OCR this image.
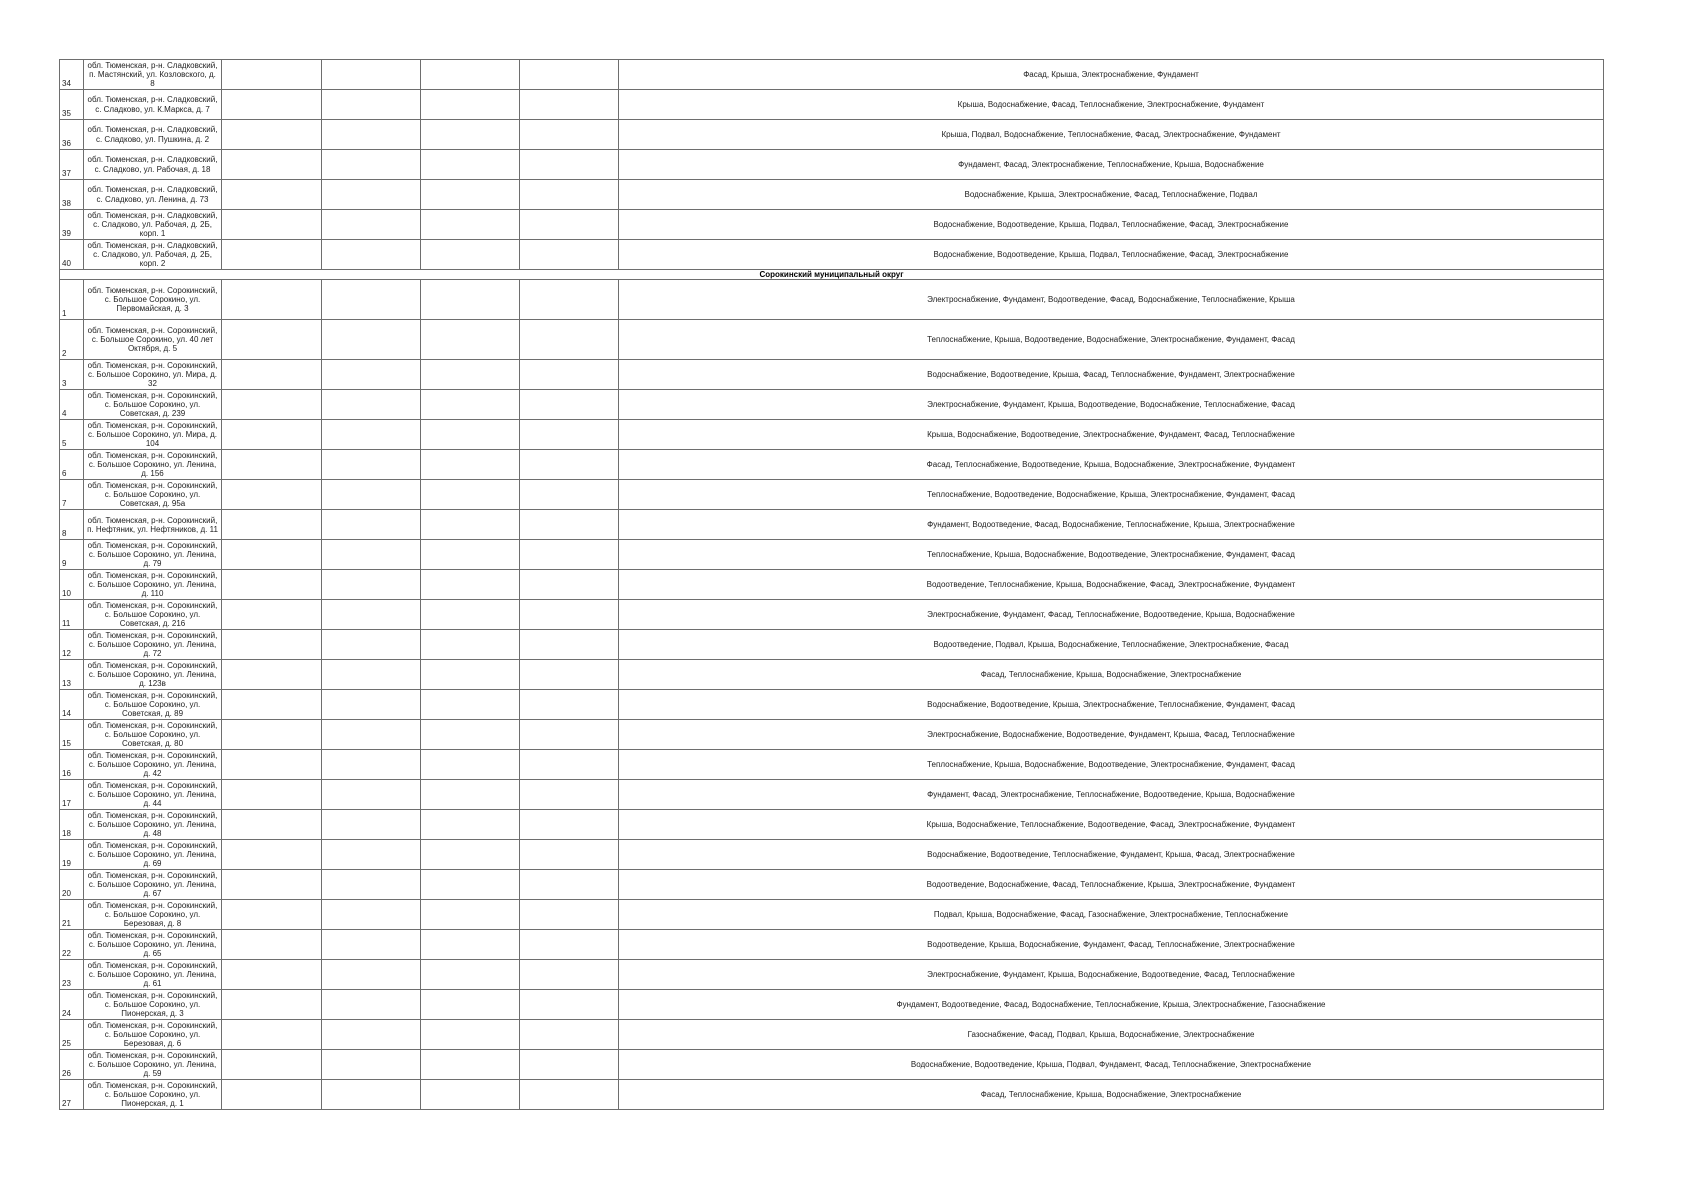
34	обл. Тюменская, р-н. Сладковский, п. Мастянский, ул. Козловского, д. 8					Фасад, Крыша, Электроснабжение, Фундамент
35	обл. Тюменская, р-н. Сладковский, с. Сладково, ул. К.Маркса, д. 7					Крыша, Водоснабжение, Фасад, Теплоснабжение, Электроснабжение, Фундамент
36	обл. Тюменская, р-н. Сладковский, с. Сладково, ул. Пушкина, д. 2					Крыша, Подвал, Водоснабжение, Теплоснабжение, Фасад, Электроснабжение, Фундамент
37	обл. Тюменская, р-н. Сладковский, с. Сладково, ул. Рабочая, д. 18					Фундамент, Фасад, Электроснабжение, Теплоснабжение, Крыша, Водоснабжение
38	обл. Тюменская, р-н. Сладковский, с. Сладково, ул. Ленина, д. 73					Водоснабжение, Крыша, Электроснабжение, Фасад, Теплоснабжение, Подвал
39	обл. Тюменская, р-н. Сладковский, с. Сладково, ул. Рабочая, д. 2Б, корп. 1					Водоснабжение, Водоотведение, Крыша, Подвал, Теплоснабжение, Фасад, Электроснабжение
40	обл. Тюменская, р-н. Сладковский, с. Сладково, ул. Рабочая, д. 2Б, корп. 2					Водоснабжение, Водоотведение, Крыша, Подвал, Теплоснабжение, Фасад, Электроснабжение
Сорокинский муниципальный округ						
1	обл. Тюменская, р-н. Сорокинский, с. Большое Сорокино, ул. Первомайская, д. 3					Электроснабжение, Фундамент, Водоотведение, Фасад, Водоснабжение, Теплоснабжение, Крыша
2	обл. Тюменская, р-н. Сорокинский, с. Большое Сорокино, ул. 40 лет Октября, д. 5					Теплоснабжение, Крыша, Водоотведение, Водоснабжение, Электроснабжение, Фундамент, Фасад
3	обл. Тюменская, р-н. Сорокинский, с. Большое Сорокино, ул. Мира, д. 32					Водоснабжение, Водоотведение, Крыша, Фасад, Теплоснабжение, Фундамент, Электроснабжение
4	обл. Тюменская, р-н. Сорокинский, с. Большое Сорокино, ул. Советская, д. 239					Электроснабжение, Фундамент, Крыша, Водоотведение, Водоснабжение, Теплоснабжение, Фасад
5	обл. Тюменская, р-н. Сорокинский, с. Большое Сорокино, ул. Мира, д. 104					Крыша, Водоснабжение, Водоотведение, Электроснабжение, Фундамент, Фасад, Теплоснабжение
6	обл. Тюменская, р-н. Сорокинский, с. Большое Сорокино, ул. Ленина, д. 156					Фасад, Теплоснабжение, Водоотведение, Крыша, Водоснабжение, Электроснабжение, Фундамент
7	обл. Тюменская, р-н. Сорокинский, с. Большое Сорокино, ул. Советская, д. 95а					Теплоснабжение, Водоотведение, Водоснабжение, Крыша, Электроснабжение, Фундамент, Фасад
8	обл. Тюменская, р-н. Сорокинский, п. Нефтяник, ул. Нефтяников, д. 11					Фундамент, Водоотведение, Фасад, Водоснабжение, Теплоснабжение, Крыша, Электроснабжение
9	обл. Тюменская, р-н. Сорокинский, с. Большое Сорокино, ул. Ленина, д. 79					Теплоснабжение, Крыша, Водоснабжение, Водоотведение, Электроснабжение, Фундамент, Фасад
10	обл. Тюменская, р-н. Сорокинский, с. Большое Сорокино, ул. Ленина, д. 110					Водоотведение, Теплоснабжение, Крыша, Водоснабжение, Фасад, Электроснабжение, Фундамент
11	обл. Тюменская, р-н. Сорокинский, с. Большое Сорокино, ул. Советская, д. 216					Электроснабжение, Фундамент, Фасад, Теплоснабжение, Водоотведение, Крыша, Водоснабжение
12	обл. Тюменская, р-н. Сорокинский, с. Большое Сорокино, ул. Ленина, д. 72					Водоотведение, Подвал, Крыша, Водоснабжение, Теплоснабжение, Электроснабжение, Фасад
13	обл. Тюменская, р-н. Сорокинский, с. Большое Сорокино, ул. Ленина, д. 123в					Фасад, Теплоснабжение, Крыша, Водоснабжение, Электроснабжение
14	обл. Тюменская, р-н. Сорокинский, с. Большое Сорокино, ул. Советская, д. 89					Водоснабжение, Водоотведение, Крыша, Электроснабжение, Теплоснабжение, Фундамент, Фасад
15	обл. Тюменская, р-н. Сорокинский, с. Большое Сорокино, ул. Советская, д. 80					Электроснабжение, Водоснабжение, Водоотведение, Фундамент, Крыша, Фасад, Теплоснабжение
16	обл. Тюменская, р-н. Сорокинский, с. Большое Сорокино, ул. Ленина, д. 42					Теплоснабжение, Крыша, Водоснабжение, Водоотведение, Электроснабжение, Фундамент, Фасад
17	обл. Тюменская, р-н. Сорокинский, с. Большое Сорокино, ул. Ленина, д. 44					Фундамент, Фасад, Электроснабжение, Теплоснабжение, Водоотведение, Крыша, Водоснабжение
18	обл. Тюменская, р-н. Сорокинский, с. Большое Сорокино, ул. Ленина, д. 48					Крыша, Водоснабжение, Теплоснабжение, Водоотведение, Фасад, Электроснабжение, Фундамент
19	обл. Тюменская, р-н. Сорокинский, с. Большое Сорокино, ул. Ленина, д. 69					Водоснабжение, Водоотведение, Теплоснабжение, Фундамент, Крыша, Фасад, Электроснабжение
20	обл. Тюменская, р-н. Сорокинский, с. Большое Сорокино, ул. Ленина, д. 67					Водоотведение, Водоснабжение, Фасад, Теплоснабжение, Крыша, Электроснабжение, Фундамент
21	обл. Тюменская, р-н. Сорокинский, с. Большое Сорокино, ул. Березовая, д. 8					Подвал, Крыша, Водоснабжение, Фасад, Газоснабжение, Электроснабжение, Теплоснабжение
22	обл. Тюменская, р-н. Сорокинский, с. Большое Сорокино, ул. Ленина, д. 65					Водоотведение, Крыша, Водоснабжение, Фундамент, Фасад, Теплоснабжение, Электроснабжение
23	обл. Тюменская, р-н. Сорокинский, с. Большое Сорокино, ул. Ленина, д. 61					Электроснабжение, Фундамент, Крыша, Водоснабжение, Водоотведение, Фасад, Теплоснабжение
24	обл. Тюменская, р-н. Сорокинский, с. Большое Сорокино, ул. Пионерская, д. 3					Фундамент, Водоотведение, Фасад, Водоснабжение, Теплоснабжение, Крыша, Электроснабжение, Газоснабжение
25	обл. Тюменская, р-н. Сорокинский, с. Большое Сорокино, ул. Березовая, д. 6					Газоснабжение, Фасад, Подвал, Крыша, Водоснабжение, Электроснабжение
26	обл. Тюменская, р-н. Сорокинский, с. Большое Сорокино, ул. Ленина, д. 59					Водоснабжение, Водоотведение, Крыша, Подвал, Фундамент, Фасад, Теплоснабжение, Электроснабжение
27	обл. Тюменская, р-н. Сорокинский, с. Большое Сорокино, ул. Пионерская, д. 1					Фасад, Теплоснабжение, Крыша, Водоснабжение, Электроснабжение
